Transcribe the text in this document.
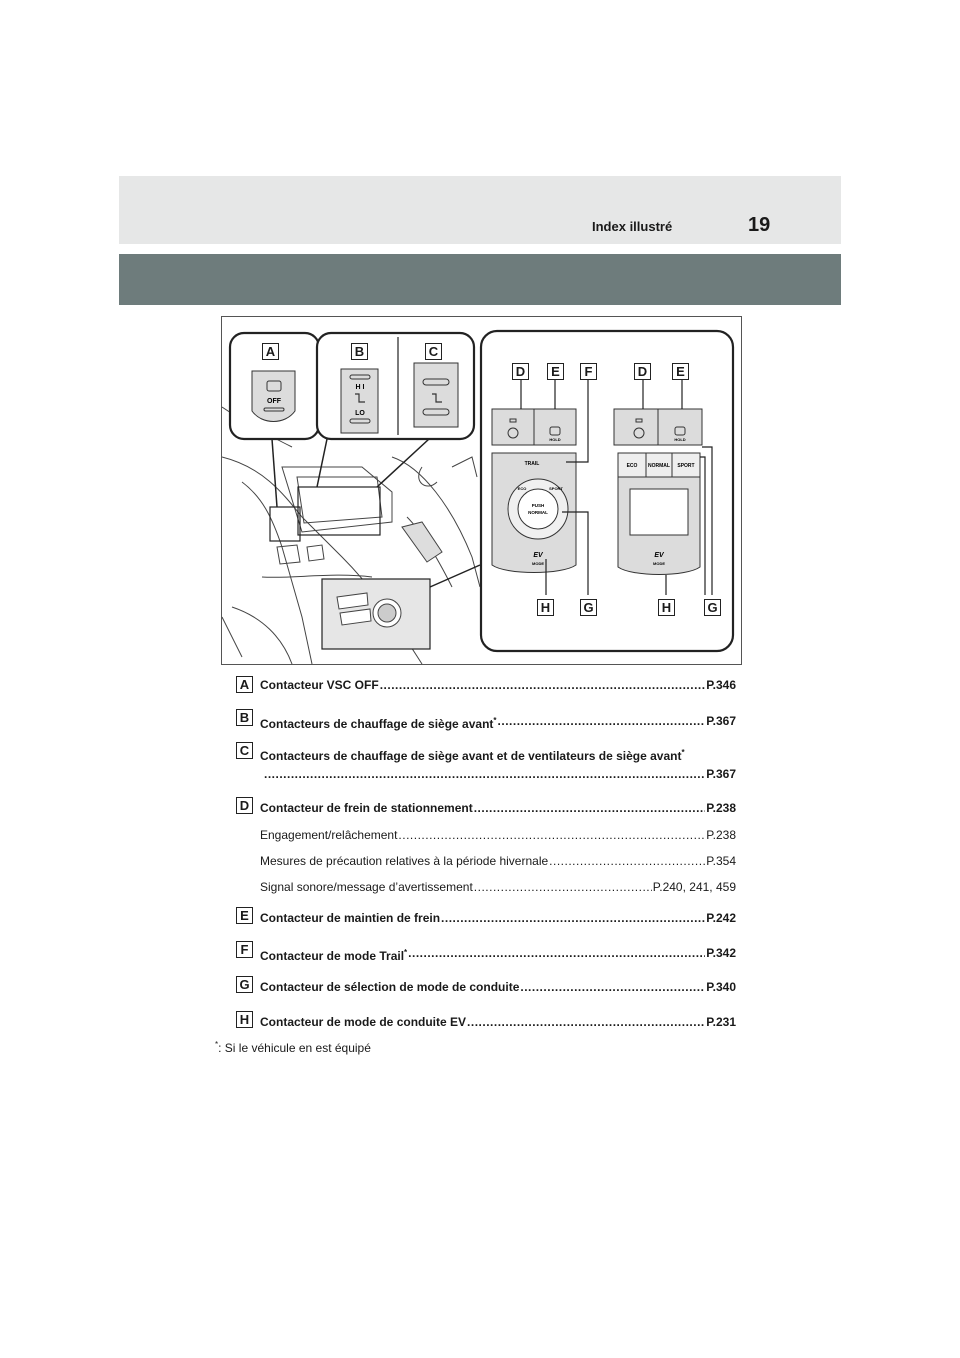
Index illustré	19
OFF
H I
LO
HOLD
TRAIL
ECO	SPORT
PUSH
NORMAL
EV
MODE
HOLD
ECO NORMAL SPORT
EV
MODE
A	B	C
D	E	F	D	E
H	G	H	G
A Contacteur VSC OFF .....	P.346
B Contacteurs de chauffage de siège avant* .....	P.367
C Contacteurs de chauffage de siège avant et de ventilateurs de siège avant*
.....
P.367
D Contacteur de frein de stationnement .....	P.238
Engagement/relâchement .....	P.238
Mesures de précaution relatives à la période hivernale .....	P.354
Signal sonore/message d’avertissement .....	P.240, 241, 459
E Contacteur de maintien de frein .....	P.242
F Contacteur de mode Trail* .....	P.342
G Contacteur de sélection de mode de conduite .....	P.340
H Contacteur de mode de conduite EV .....	P.231
*: Si le véhicule en est équipé
